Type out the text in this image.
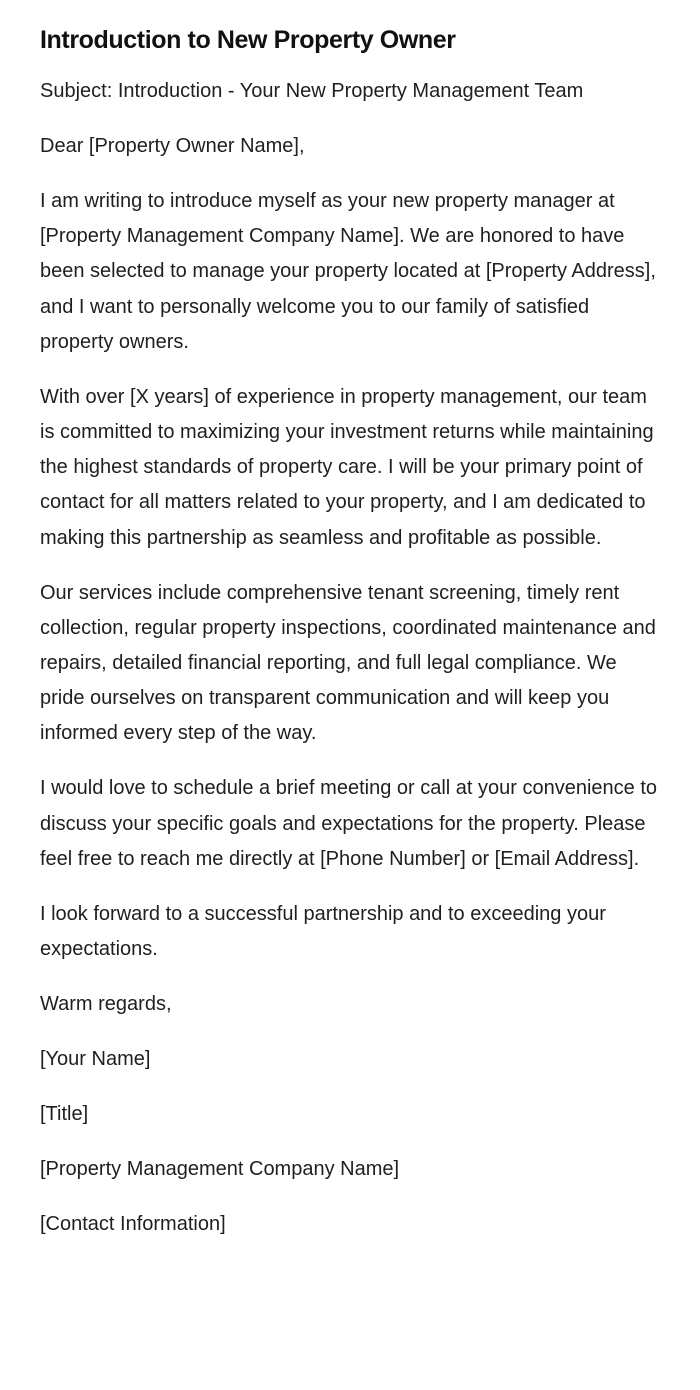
Introduction to New Property Owner

Subject: Introduction - Your New Property Management Team

Dear [Property Owner Name],

I am writing to introduce myself as your new property manager at [Property Management Company Name]. We are honored to have been selected to manage your property located at [Property Address], and I want to personally welcome you to our family of satisfied property owners.

With over [X years] of experience in property management, our team is committed to maximizing your investment returns while maintaining the highest standards of property care. I will be your primary point of contact for all matters related to your property, and I am dedicated to making this partnership as seamless and profitable as possible.

Our services include comprehensive tenant screening, timely rent collection, regular property inspections, coordinated maintenance and repairs, detailed financial reporting, and full legal compliance. We pride ourselves on transparent communication and will keep you informed every step of the way.

I would love to schedule a brief meeting or call at your convenience to discuss your specific goals and expectations for the property. Please feel free to reach me directly at [Phone Number] or [Email Address].

I look forward to a successful partnership and to exceeding your expectations.

Warm regards,

[Your Name]

[Title]

[Property Management Company Name]

[Contact Information]
